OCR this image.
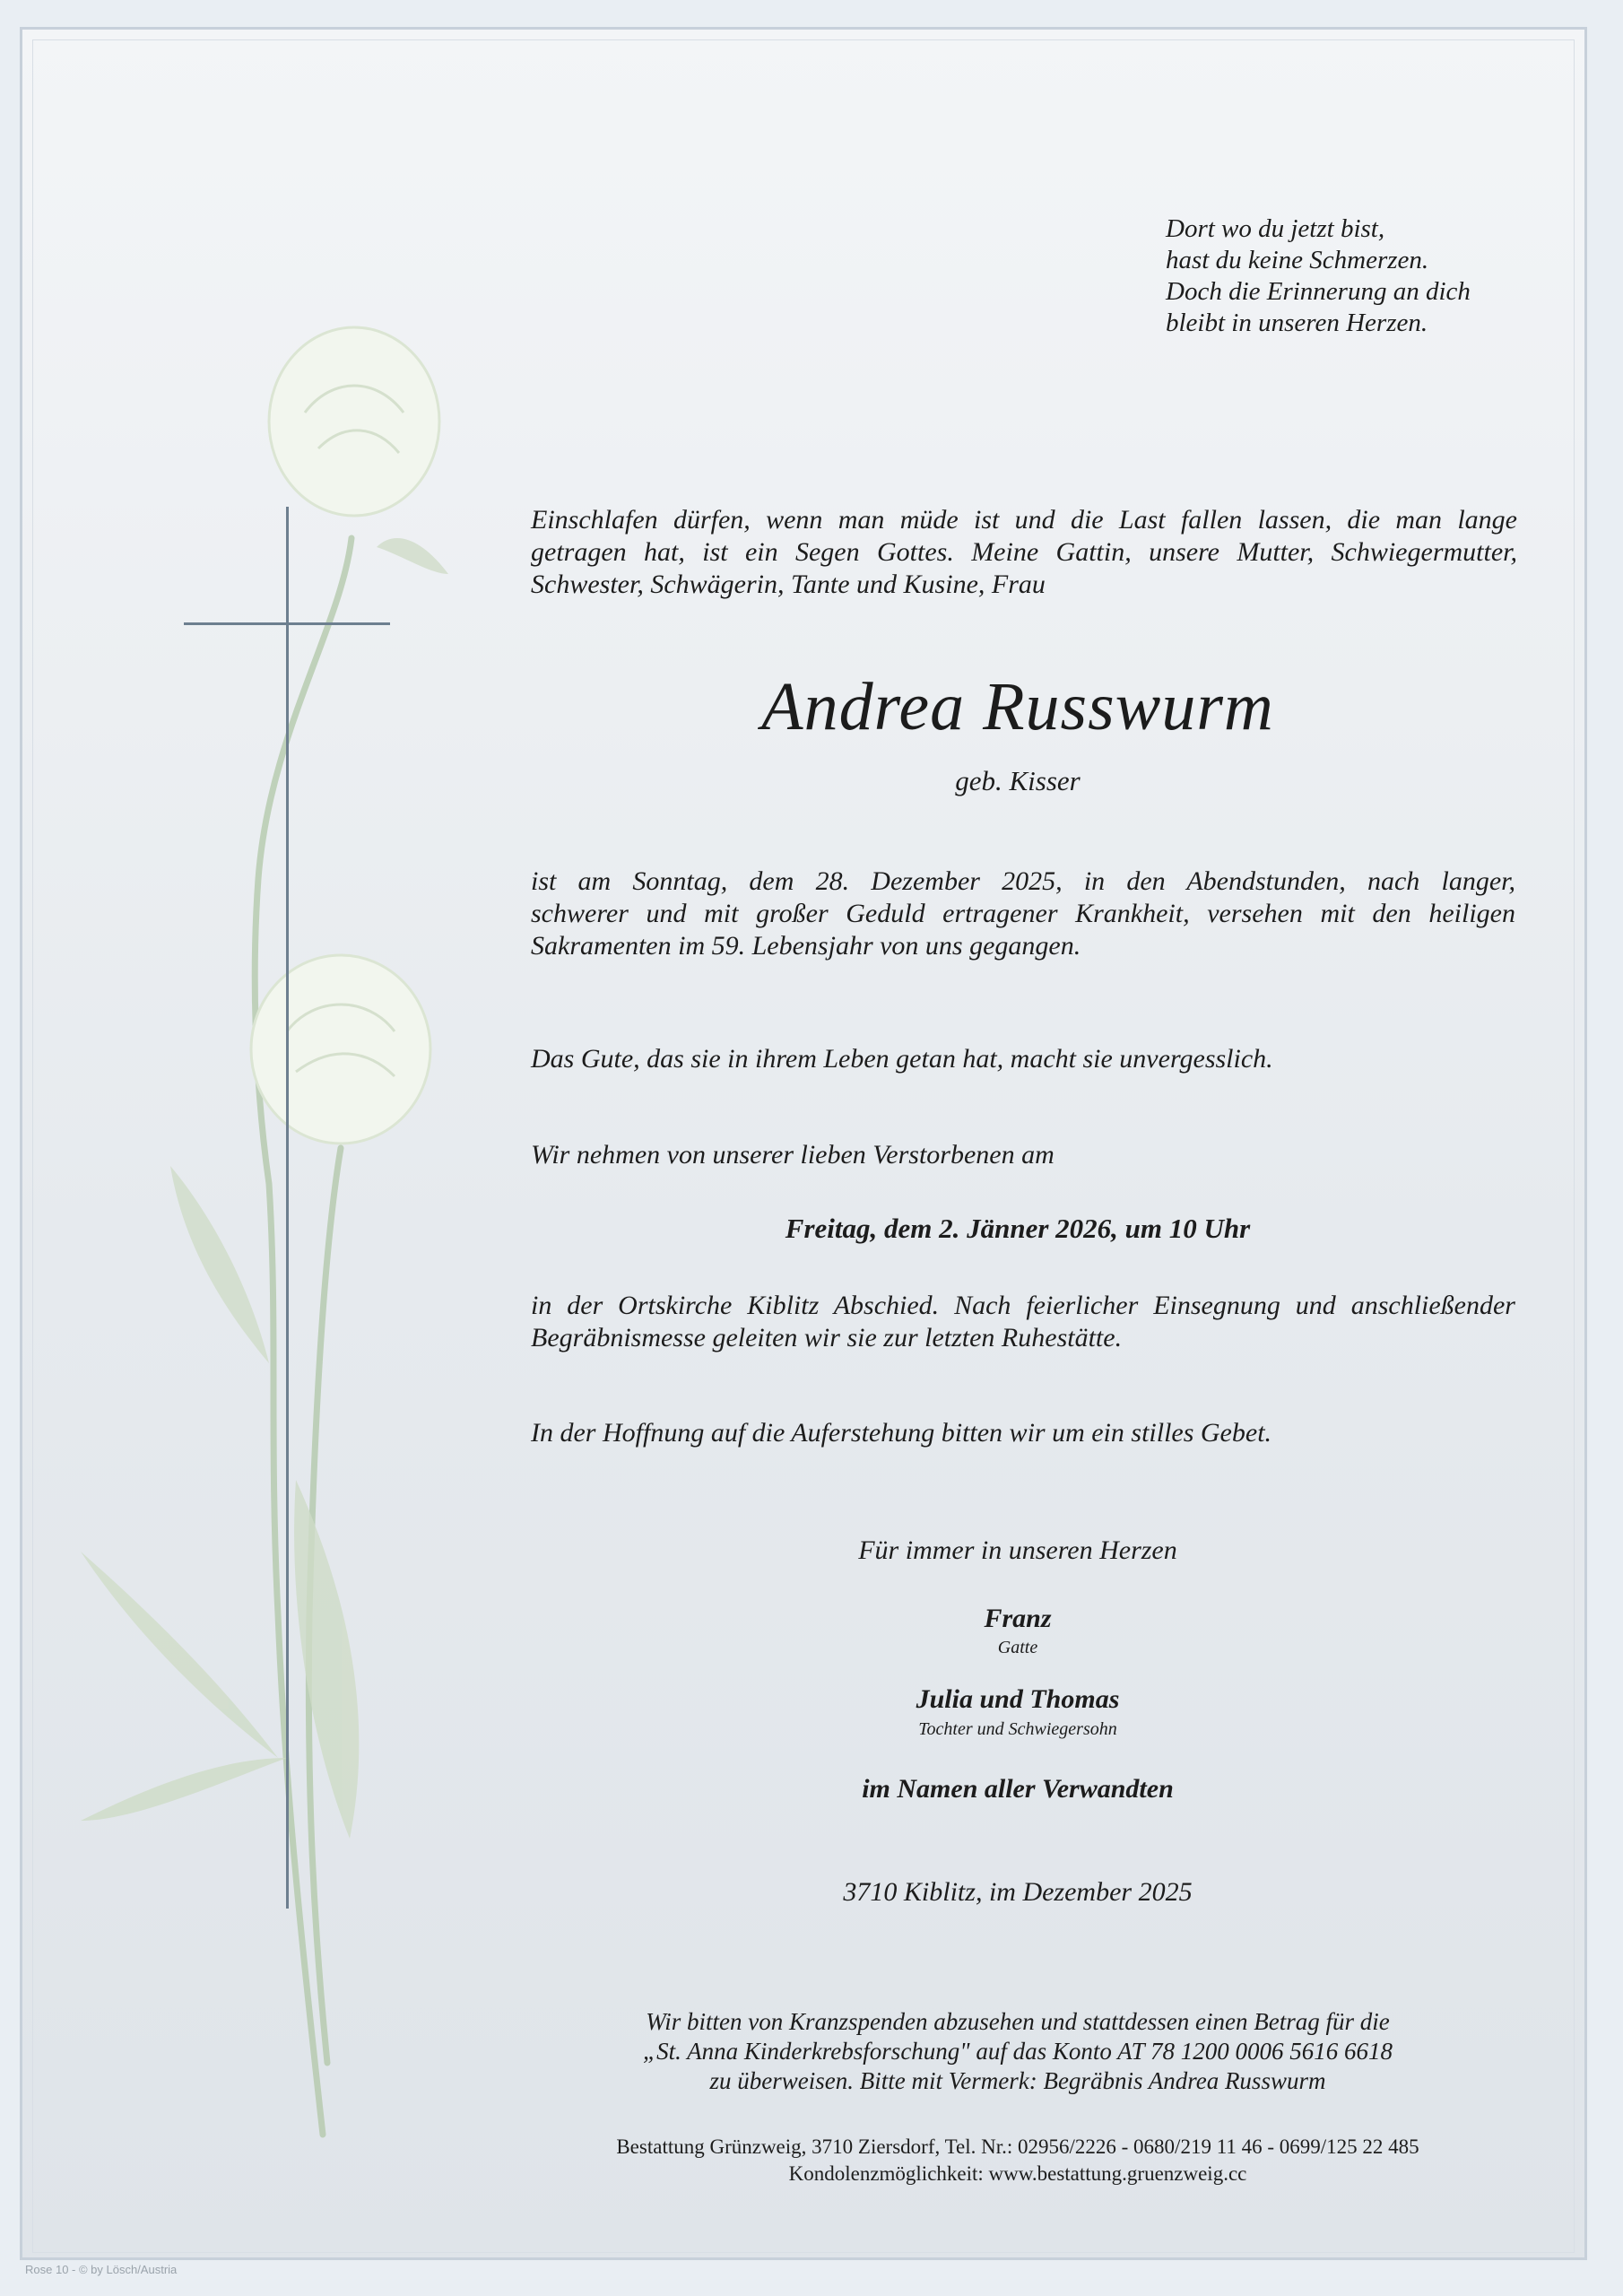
Dort wo du jetzt bist,
hast du keine Schmerzen.
Doch die Erinnerung an dich
bleibt in unseren Herzen.
Einschlafen dürfen, wenn man müde ist und die Last fallen lassen, die man lange
getragen hat, ist ein Segen Gottes. Meine Gattin, unsere Mutter, Schwiegermutter,
Schwester, Schwägerin, Tante und Kusine, Frau
Andrea Russwurm
geb. Kisser
ist am Sonntag, dem 28. Dezember 2025, in den Abendstunden, nach langer,
schwerer und mit großer Geduld ertragener Krankheit, versehen mit den heiligen
Sakramenten im 59. Lebensjahr von uns gegangen.
Das Gute, das sie in ihrem Leben getan hat, macht sie unvergesslich.
Wir nehmen von unserer lieben Verstorbenen am
Freitag, dem 2. Jänner 2026, um 10 Uhr
in der Ortskirche Kiblitz Abschied. Nach feierlicher Einsegnung und anschließender
Begräbnismesse geleiten wir sie zur letzten Ruhestätte.
In der Hoffnung auf die Auferstehung bitten wir um ein stilles Gebet.
Für immer in unseren Herzen
Franz
Gatte
Julia und Thomas
Tochter und Schwiegersohn
im Namen aller Verwandten
3710 Kiblitz, im Dezember 2025
Wir bitten von Kranzspenden abzusehen und stattdessen einen Betrag für die
„St. Anna Kinderkrebsforschung" auf das Konto AT 78 1200 0006 5616 6618
zu überweisen. Bitte mit Vermerk: Begräbnis Andrea Russwurm
Bestattung Grünzweig, 3710 Ziersdorf, Tel. Nr.: 02956/2226 - 0680/219 11 46 - 0699/125 22 485
Kondolenzmöglichkeit: www.bestattung.gruenzweig.cc
Rose 10 - © by Lösch/Austria
